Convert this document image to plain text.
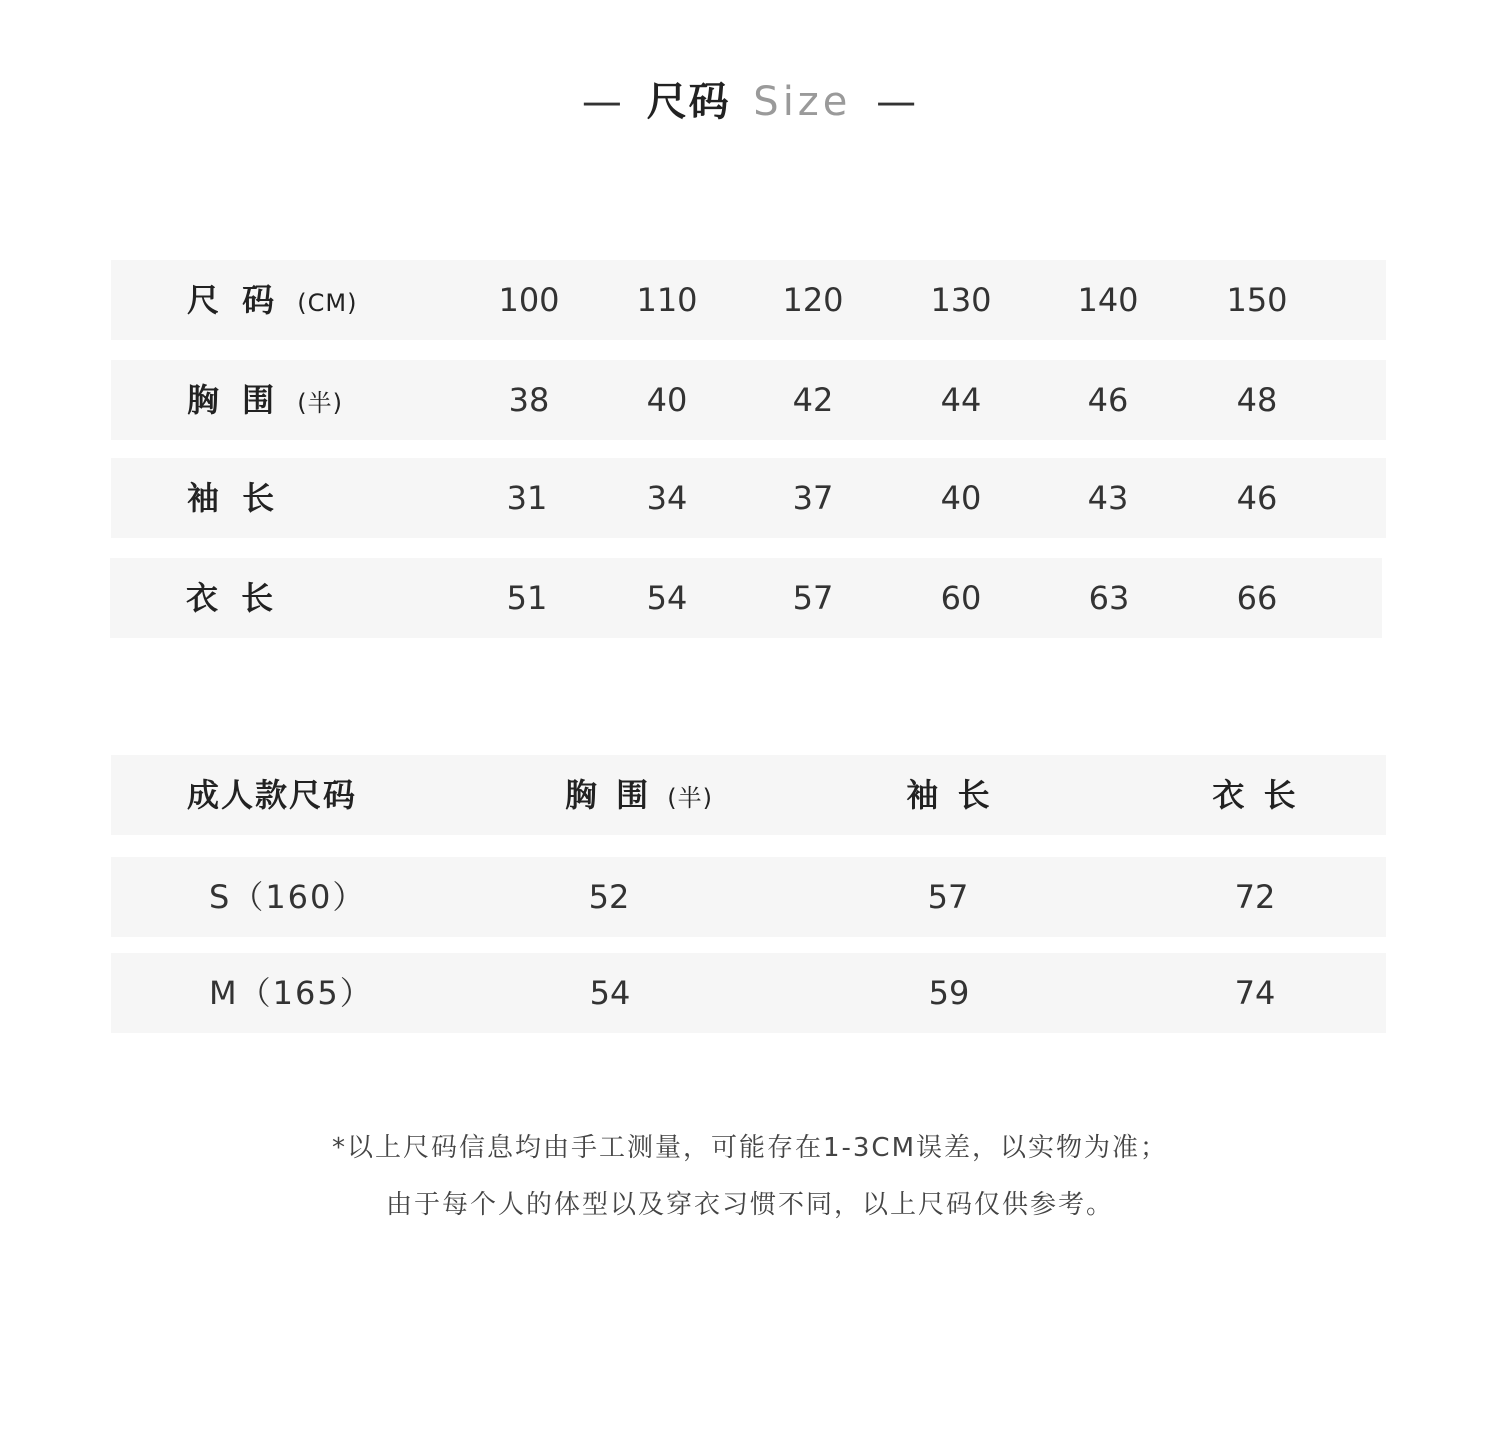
— 尺码 Size —
尺 码 (CM)	100 110	120	130	140	150
胸 围 (半)	38	40	42	44	46	48
袖 长	31	34	37	40	43	46
衣 长	51	54	57	60	63	66
成人款尺码	胸 围 (半)	袖 长	衣 长
S（160）	52	57	72
M（165）	54	59	74
*以上尺码信息均由手工测量，可能存在1-3CM误差，以实物为准；
由于每个人的体型以及穿衣习惯不同，以上尺码仅供参考。
